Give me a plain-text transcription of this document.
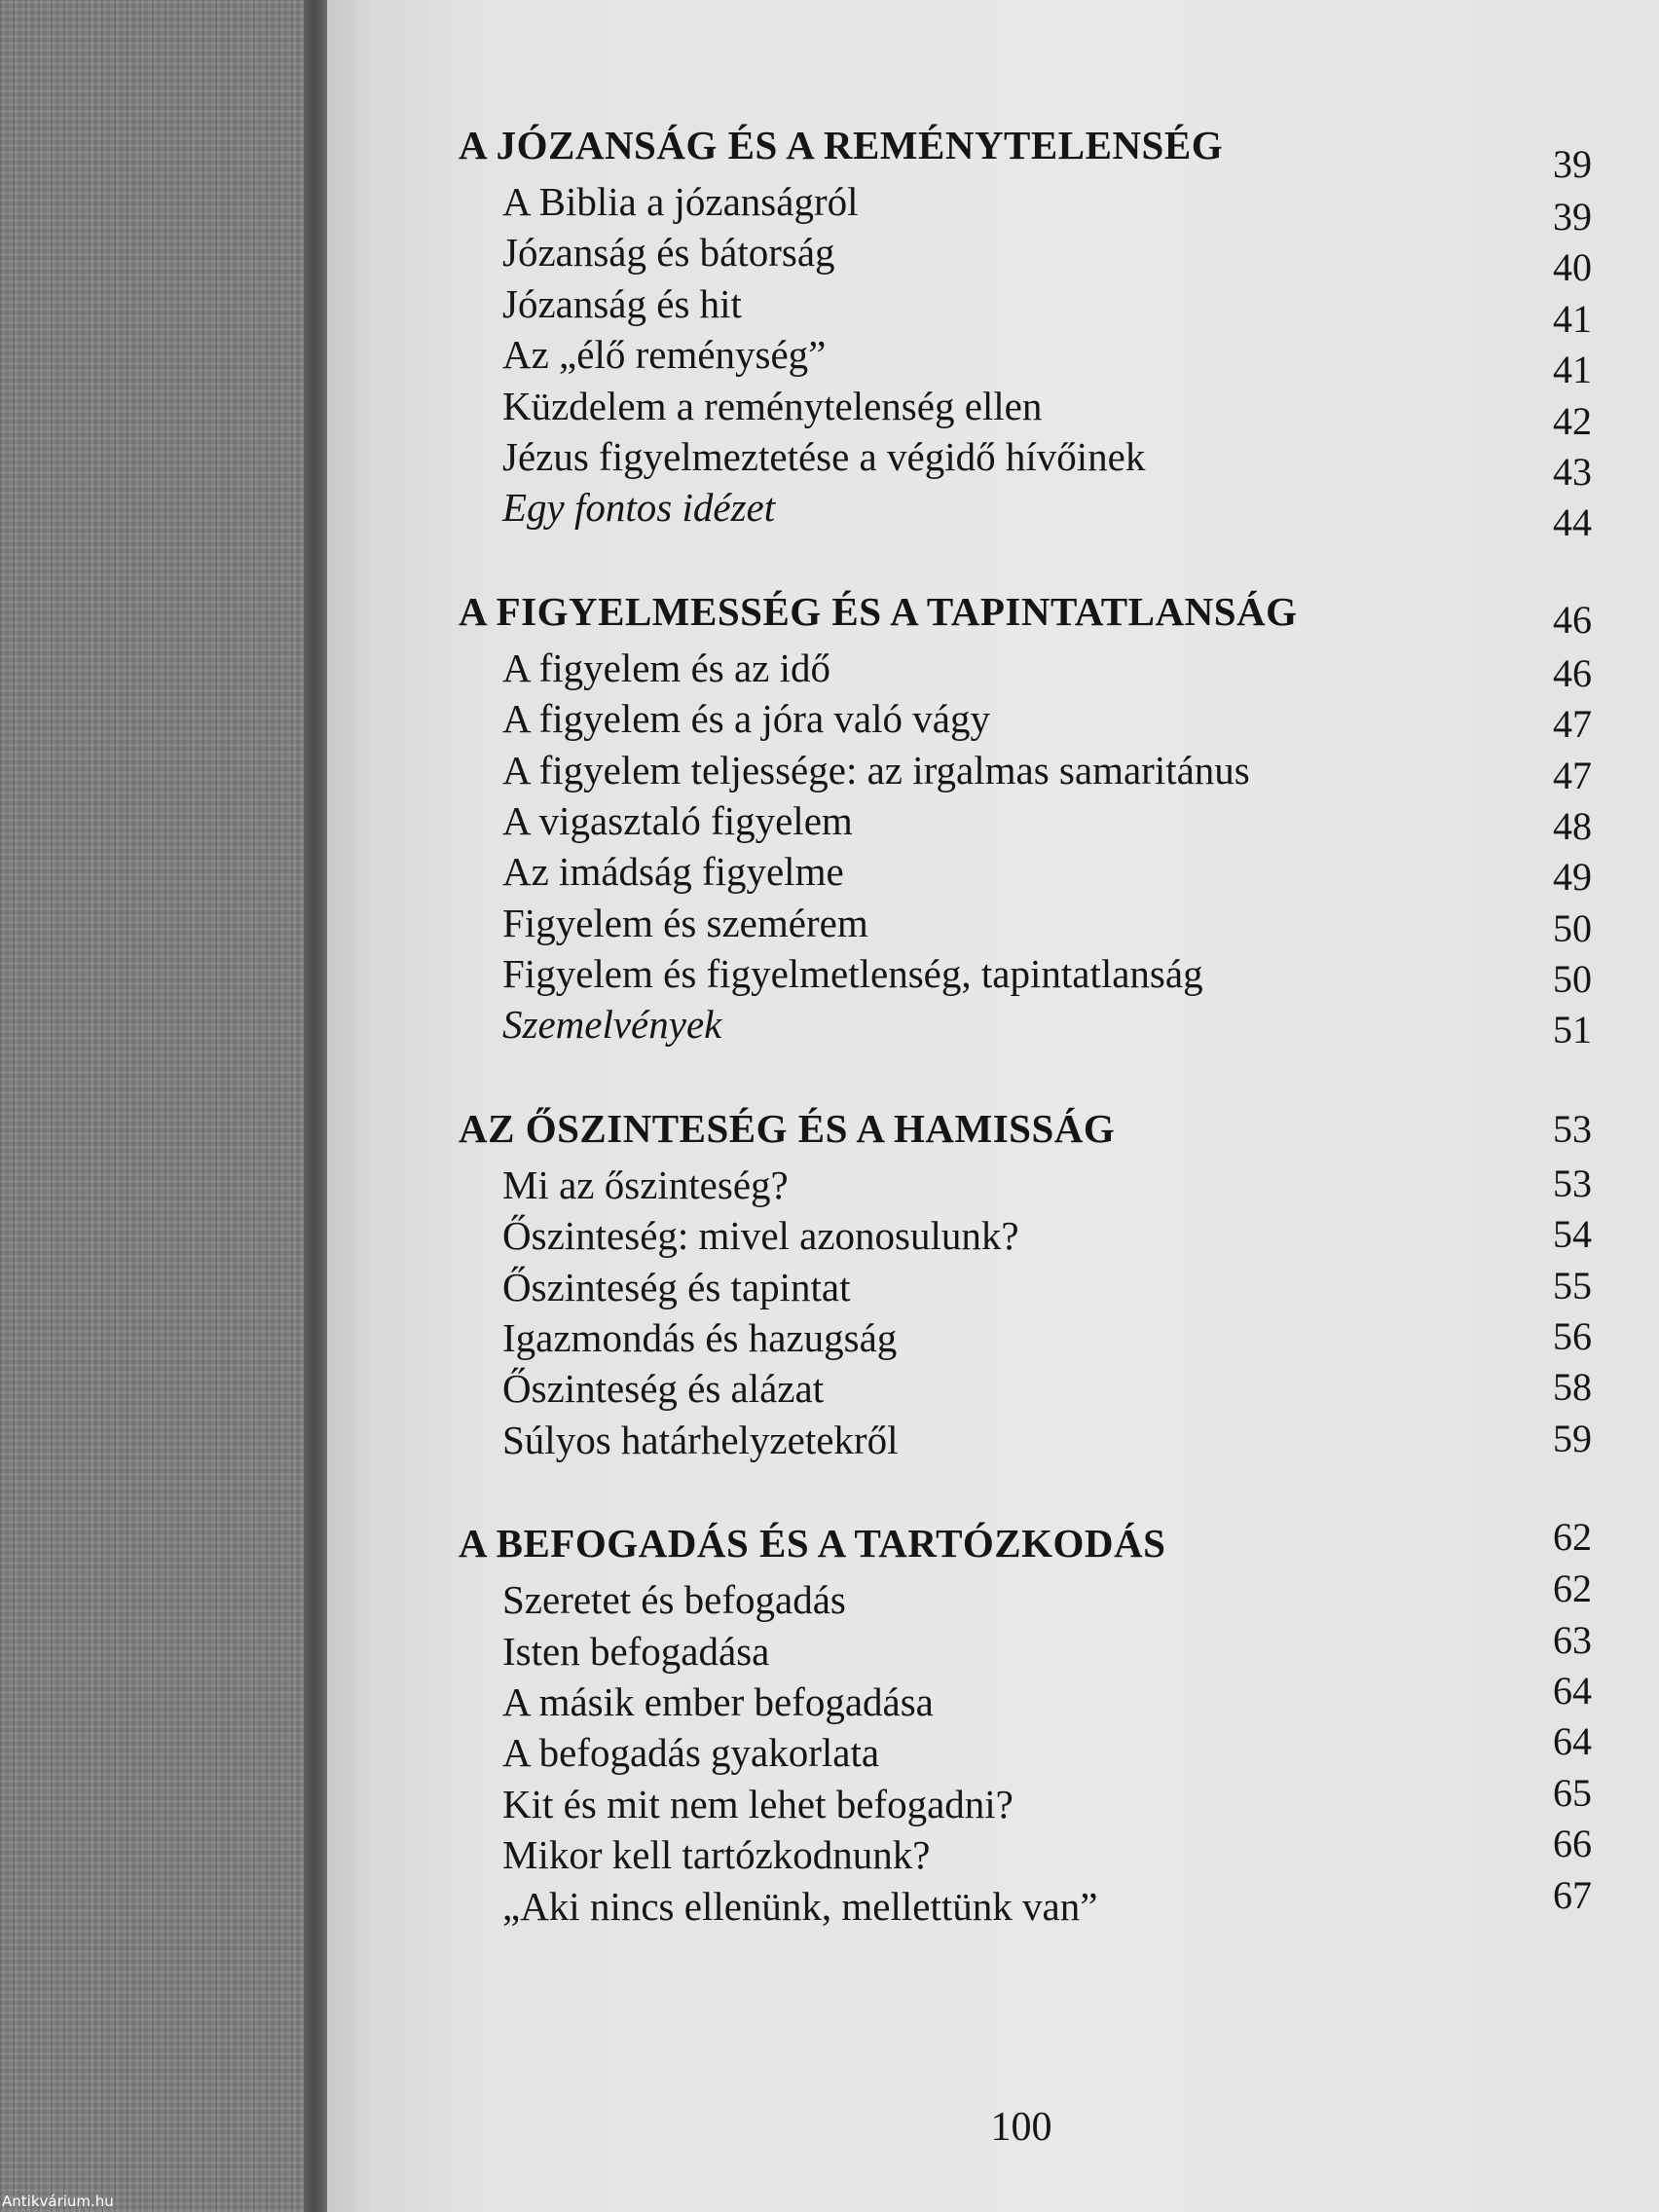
A JÓZANSÁG ÉS A REMÉNYTELENSÉG	39
A Biblia a józanságról	39
Józanság és bátorság	40
Józanság és hit	41
Az „élő reménység”	41
Küzdelem a reménytelenség ellen	42
Jézus figyelmeztetése a végidő hívőinek	43
Egy fontos idézet	44
A FIGYELMESSÉG ÉS A TAPINTATLANSÁG	46
A figyelem és az idő	46
A figyelem és a jóra való vágy	47
A figyelem teljessége: az irgalmas samaritánus	47
A vigasztaló figyelem	48
Az imádság figyelme	49
Figyelem és szemérem	50
Figyelem és figyelmetlenség, tapintatlanság	50
Szemelvények	51
AZ ŐSZINTESÉG ÉS A HAMISSÁG	53
Mi az őszinteség?	53
Őszinteség: mivel azonosulunk?	54
Őszinteség és tapintat	55
Igazmondás és hazugság	56
Őszinteség és alázat	58
Súlyos határhelyzetekről	59
A BEFOGADÁS ÉS A TARTÓZKODÁS	62
Szeretet és befogadás	62
Isten befogadása	63
A másik ember befogadása	64
A befogadás gyakorlata	64
Kit és mit nem lehet befogadni?	65
Mikor kell tartózkodnunk?	66
„Aki nincs ellenünk, mellettünk van”	67
100
Antikvárium.hu
